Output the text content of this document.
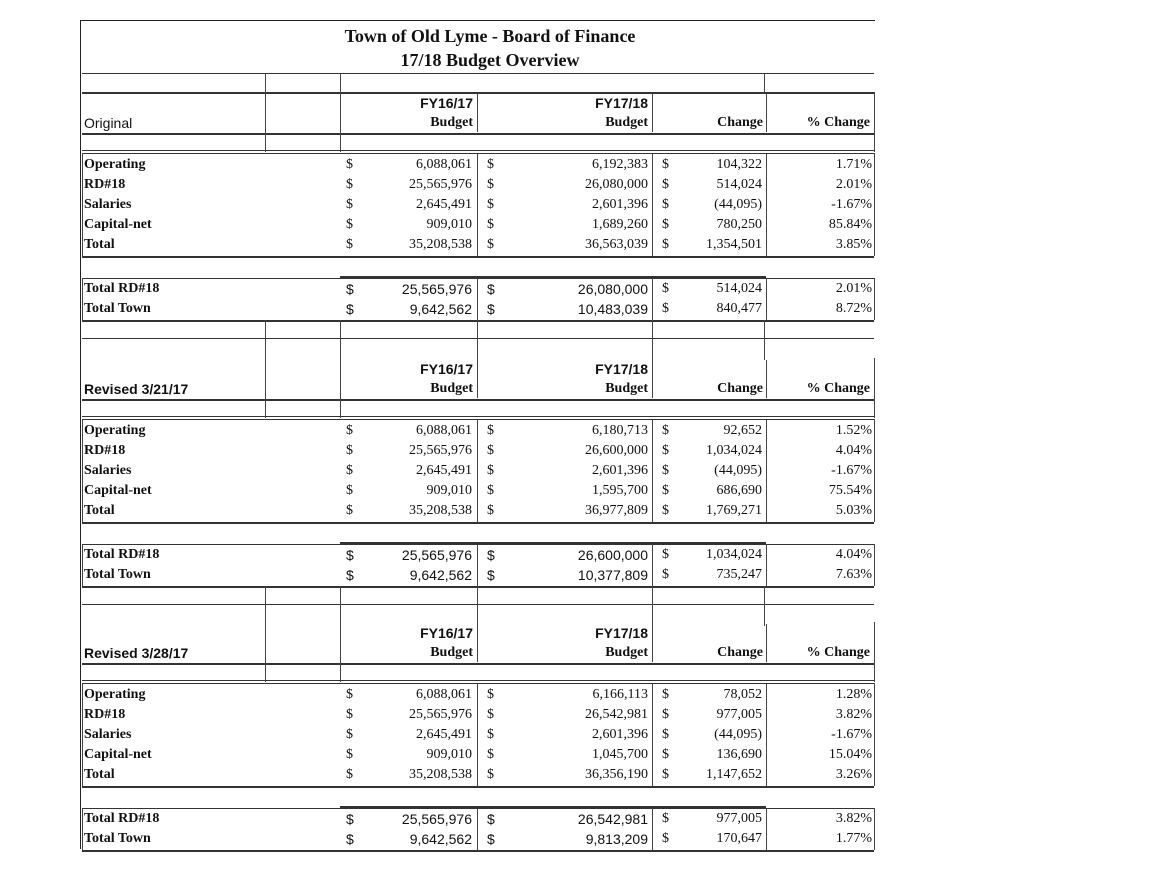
Town of Old Lyme - Board of Finance
17/18 Budget Overview
FY16/17	FY17/18
Budget	Budget	Change	% Change
Original
Operating	$	6,088,061 $	6,192,383 $	104,322	1.71%
RD#18	$	25,565,976 $	26,080,000 $	514,024	2.01%
Salaries	$	2,645,491 $	2,601,396 $	(44,095)	-1.67%
Capital-net	$	909,010 $	1,689,260 $	780,250	85.84%
Total	$	35,208,538 $	36,563,039 $	1,354,501	3.85%
Total RD#18	$	25,565,976 $	26,080,000 $	514,024	2.01%
Total Town	$	9,642,562 $	10,483,039 $	840,477	8.72%
FY16/17	FY17/18
Budget	Budget	Change	% Change
Revised 3/21/17
Operating	$	6,088,061 $	6,180,713 $	92,652	1.52%
RD#18	$	25,565,976 $	26,600,000 $	1,034,024	4.04%
Salaries	$	2,645,491 $	2,601,396 $	(44,095)	-1.67%
Capital-net	$	909,010 $	1,595,700 $	686,690	75.54%
Total	$	35,208,538 $	36,977,809 $	1,769,271	5.03%
Total RD#18	$	25,565,976 $	26,600,000 $	1,034,024	4.04%
Total Town	$	9,642,562 $	10,377,809 $	735,247	7.63%
FY16/17	FY17/18
Budget	Budget	Change	% Change
Revised 3/28/17
Operating	$	6,088,061 $	6,166,113 $	78,052	1.28%
RD#18	$	25,565,976 $	26,542,981 $	977,005	3.82%
Salaries	$	2,645,491 $	2,601,396 $	(44,095)	-1.67%
Capital-net	$	909,010 $	1,045,700 $	136,690	15.04%
Total	$	35,208,538 $	36,356,190 $	1,147,652	3.26%
Total RD#18	$	25,565,976 $	26,542,981 $	977,005	3.82%
Total Town	$	9,642,562 $	9,813,209 $	170,647	1.77%
